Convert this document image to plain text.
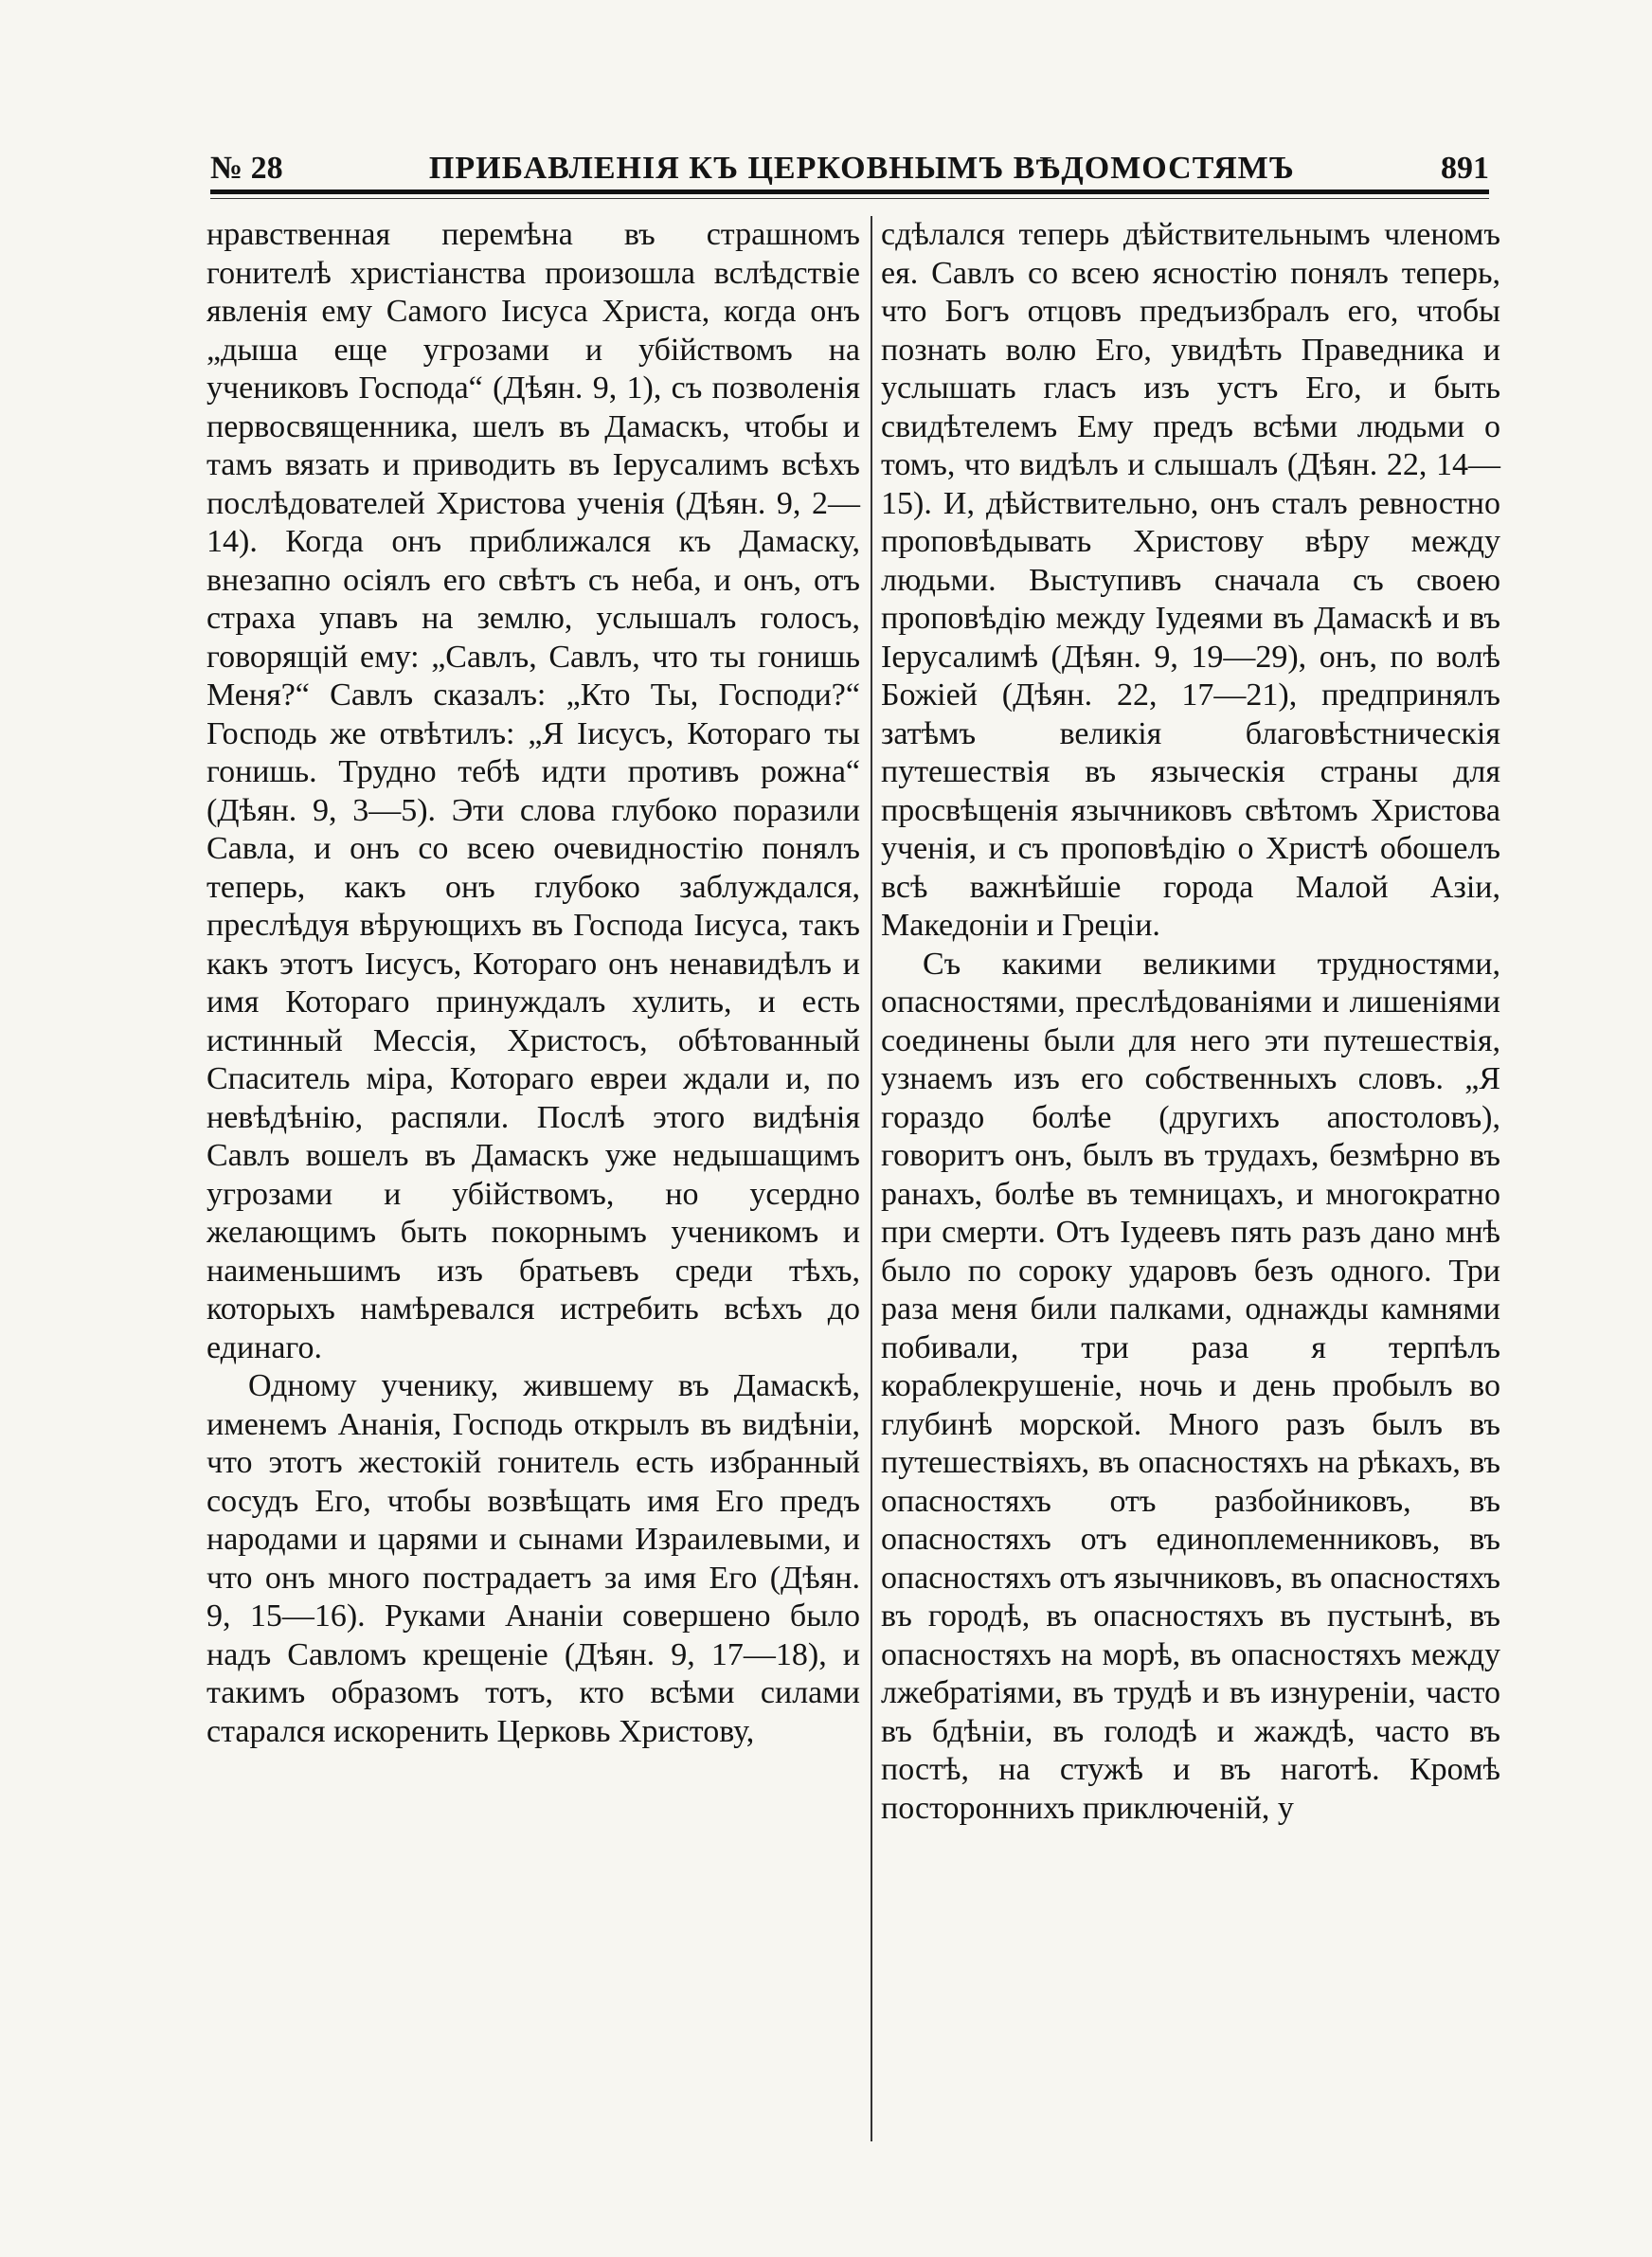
№ 28	ПРИБАВЛЕНІЯ КЪ ЦЕРКОВНЫМЪ ВѢДОМОСТЯМЪ	891

нравственная перемѣна въ страшномъ гонителѣ христіанства произошла вслѣдствіе явленія ему Самого Іисуса Христа, когда онъ „дыша еще угрозами и убійствомъ на учениковъ Господа“ (Дѣян. 9, 1), съ позволенія первосвященника, шелъ въ Дамаскъ, чтобы и тамъ вязать и приводить въ Іерусалимъ всѣхъ послѣдователей Христова ученія (Дѣян. 9, 2—14). Когда онъ приближался къ Дамаску, внезапно осіялъ его свѣтъ съ неба, и онъ, отъ страха упавъ на землю, услышалъ голосъ, говорящій ему: „Савлъ, Савлъ, что ты гонишь Меня?“ Савлъ сказалъ: „Кто Ты, Господи?“ Господь же отвѣтилъ: „Я Іисусъ, Котораго ты гонишь. Трудно тебѣ идти противъ рожна“ (Дѣян. 9, 3—5). Эти слова глубоко поразили Савла, и онъ со всею очевидностію понялъ теперь, какъ онъ глубоко заблуждался, преслѣдуя вѣрующихъ въ Господа Іисуса, такъ какъ этотъ Іисусъ, Котораго онъ ненавидѣлъ и имя Котораго принуждалъ хулить, и есть истинный Мессія, Христосъ, обѣтованный Спаситель міра, Котораго евреи ждали и, по невѣдѣнію, распяли. Послѣ этого видѣнія Савлъ вошелъ въ Дамаскъ уже недышащимъ угрозами и убійствомъ, но усердно желающимъ быть покорнымъ ученикомъ и наименьшимъ изъ братьевъ среди тѣхъ, которыхъ намѣревался истребить всѣхъ до единаго.

Одному ученику, жившему въ Дамаскѣ, именемъ Ананія, Господь открылъ въ видѣніи, что этотъ жестокій гонитель есть избранный сосудъ Его, чтобы возвѣщать имя Его предъ народами и царями и сынами Израилевыми, и что онъ много пострадаетъ за имя Его (Дѣян. 9, 15—16). Руками Ананіи совершено было надъ Савломъ крещеніе (Дѣян. 9, 17—18), и такимъ образомъ тотъ, кто всѣми силами старался искоренить Церковь Христову,

сдѣлался теперь дѣйствительнымъ членомъ ея. Савлъ со всею ясностію понялъ теперь, что Богъ отцовъ предъизбралъ его, чтобы познать волю Его, увидѣть Праведника и услышать гласъ изъ устъ Его, и быть свидѣтелемъ Ему предъ всѣми людьми о томъ, что видѣлъ и слышалъ (Дѣян. 22, 14—15). И, дѣйствительно, онъ сталъ ревностно проповѣдывать Христову вѣру между людьми. Выступивъ сначала съ своею проповѣдію между Іудеями въ Дамаскѣ и въ Іерусалимѣ (Дѣян. 9, 19—29), онъ, по волѣ Божіей (Дѣян. 22, 17—21), предпринялъ затѣмъ великія благовѣстническія путешествія въ языческія страны для просвѣщенія язычниковъ свѣтомъ Христова ученія, и съ проповѣдію о Христѣ обошелъ всѣ важнѣйшіе города Малой Азіи, Македоніи и Греціи.

Съ какими великими трудностями, опасностями, преслѣдованіями и лишеніями соединены были для него эти путешествія, узнаемъ изъ его собственныхъ словъ. „Я гораздо болѣе (другихъ апостоловъ), говоритъ онъ, былъ въ трудахъ, безмѣрно въ ранахъ, болѣе въ темницахъ, и многократно при смерти. Отъ Іудеевъ пять разъ дано мнѣ было по сороку ударовъ безъ одного. Три раза меня били палками, однажды камнями побивали, три раза я терпѣлъ кораблекрушеніе, ночь и день пробылъ во глубинѣ морской. Много разъ былъ въ путешествіяхъ, въ опасностяхъ на рѣкахъ, въ опасностяхъ отъ разбойниковъ, въ опасностяхъ отъ единоплеменниковъ, въ опасностяхъ отъ язычниковъ, въ опасностяхъ въ городѣ, въ опасностяхъ въ пустынѣ, въ опасностяхъ на морѣ, въ опасностяхъ между лжебратіями, въ трудѣ и въ изнуреніи, часто въ бдѣніи, въ голодѣ и жаждѣ, часто въ постѣ, на стужѣ и въ наготѣ. Кромѣ постороннихъ приключеній, у
